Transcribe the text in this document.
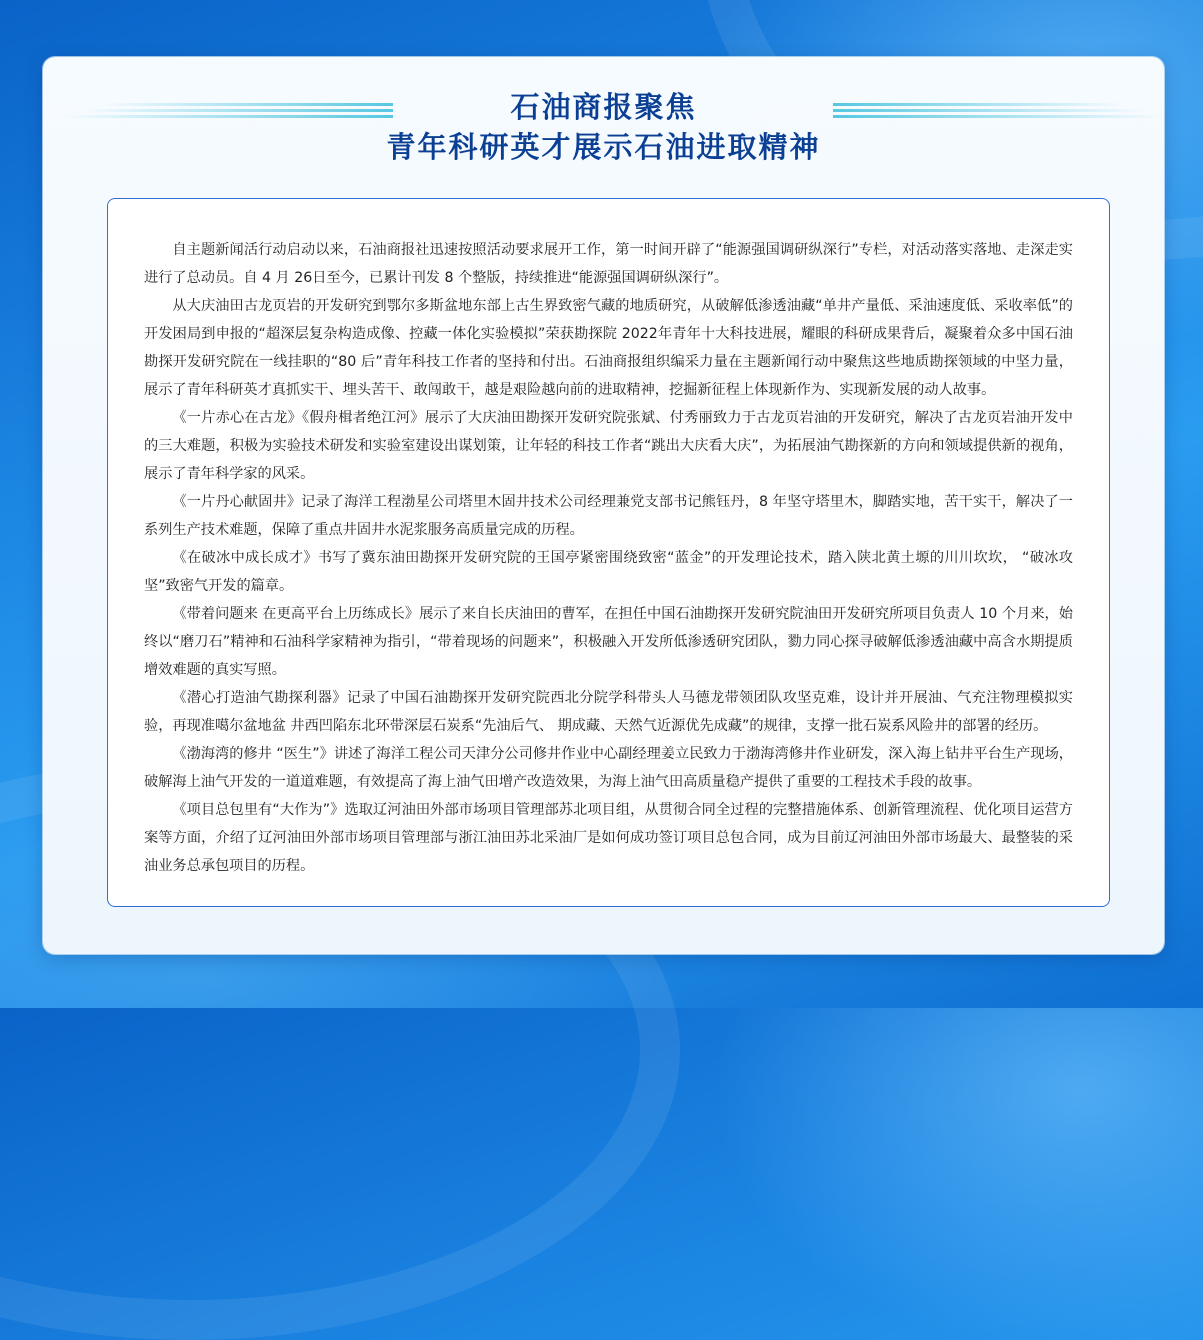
石油商报聚焦

青年科研英才展示石油进取精神

自主题新闻活行动启动以来，石油商报社迅速按照活动要求展开工作，第一时间开辟了“能源强国调研纵深行”专栏，对活动落实落地、走深走实进行了总动员。自 4 月 26日至今，已累计刊发 8 个整版，持续推进“能源强国调研纵深行”。

从大庆油田古龙页岩的开发研究到鄂尔多斯盆地东部上古生界致密气藏的地质研究，从破解低渗透油藏“单井产量低、采油速度低、采收率低”的开发困局到申报的“超深层复杂构造成像、控藏一体化实验模拟”荣获勘探院 2022年青年十大科技进展，耀眼的科研成果背后，凝聚着众多中国石油勘探开发研究院在一线挂职的“80 后”青年科技工作者的坚持和付出。石油商报组织编采力量在主题新闻行动中聚焦这些地质勘探领域的中坚力量，展示了青年科研英才真抓实干、埋头苦干、敢闯敢干，越是艰险越向前的进取精神，挖掘新征程上体现新作为、实现新发展的动人故事。

《一片赤心在古龙》《假舟楫者绝江河》展示了大庆油田勘探开发研究院张斌、付秀丽致力于古龙页岩油的开发研究，解决了古龙页岩油开发中的三大难题，积极为实验技术研发和实验室建设出谋划策，让年轻的科技工作者“跳出大庆看大庆”，为拓展油气勘探新的方向和领域提供新的视角，展示了青年科学家的风采。

《一片丹心献固井》记录了海洋工程渤星公司塔里木固井技术公司经理兼党支部书记熊钰丹，8 年坚守塔里木，脚踏实地，苦干实干，解决了一系列生产技术难题，保障了重点井固井水泥浆服务高质量完成的历程。

《在破冰中成长成才》书写了冀东油田勘探开发研究院的王国亭紧密围绕致密“蓝金”的开发理论技术，踏入陕北黄土塬的川川坎坎， “破冰攻坚”致密气开发的篇章。

《带着问题来 在更高平台上历练成长》展示了来自长庆油田的曹军，在担任中国石油勘探开发研究院油田开发研究所项目负责人 10 个月来，始终以“磨刀石”精神和石油科学家精神为指引，“带着现场的问题来”，积极融入开发所低渗透研究团队，勠力同心探寻破解低渗透油藏中高含水期提质增效难题的真实写照。

《潜心打造油气勘探利器》记录了中国石油勘探开发研究院西北分院学科带头人马德龙带领团队攻坚克难，设计并开展油、气充注物理模拟实验，再现准噶尔盆地盆 井西凹陷东北环带深层石炭系“先油后气、 期成藏、天然气近源优先成藏”的规律，支撑一批石炭系风险井的部署的经历。

《渤海湾的修井 “医生”》讲述了海洋工程公司天津分公司修井作业中心副经理姜立民致力于渤海湾修井作业研发，深入海上钻井平台生产现场，破解海上油气开发的一道道难题，有效提高了海上油气田增产改造效果，为海上油气田高质量稳产提供了重要的工程技术手段的故事。

《项目总包里有“大作为”》选取辽河油田外部市场项目管理部苏北项目组，从贯彻合同全过程的完整措施体系、创新管理流程、优化项目运营方案等方面，介绍了辽河油田外部市场项目管理部与浙江油田苏北采油厂是如何成功签订项目总包合同，成为目前辽河油田外部市场最大、最整装的采油业务总承包项目的历程。
